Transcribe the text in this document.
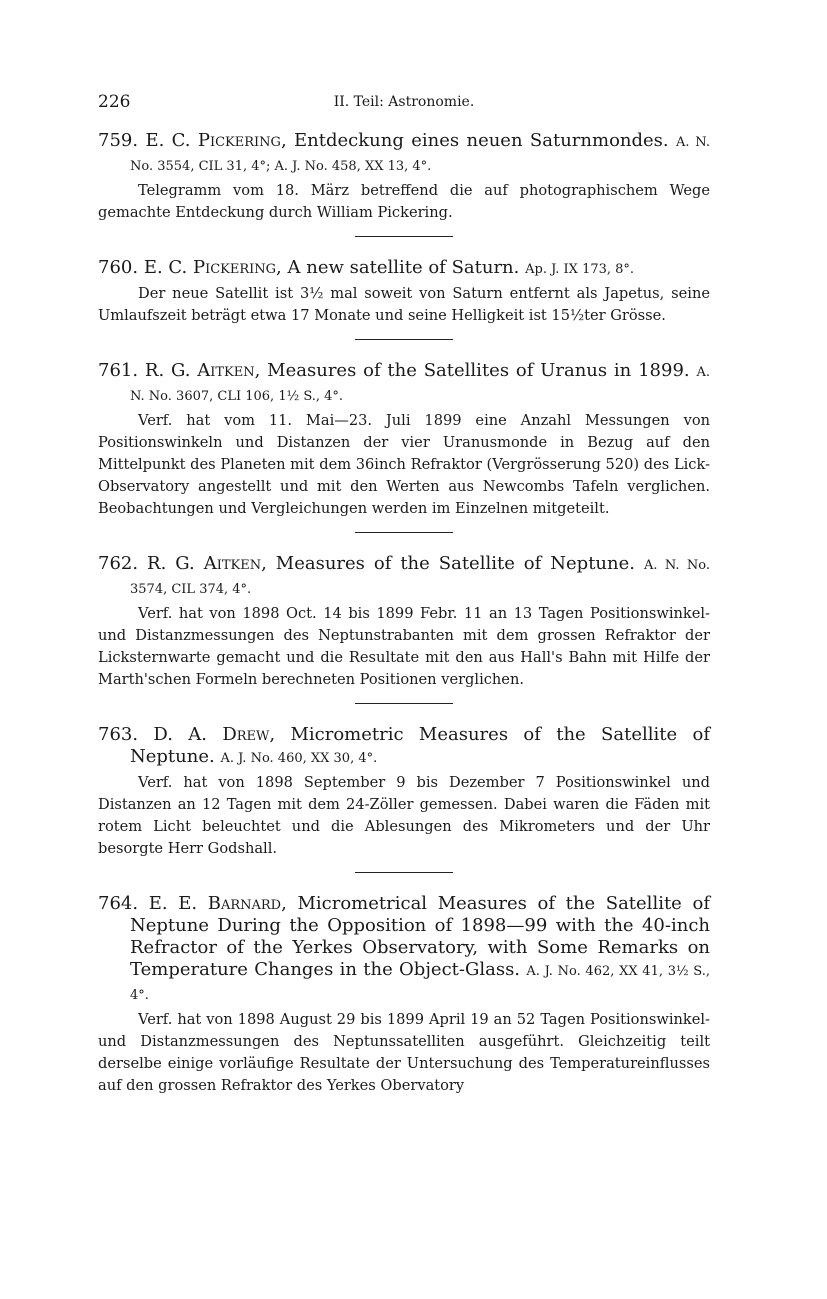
226	II. Teil: Astronomie.
759. E. C. Pickering, Entdeckung eines neuen Saturnmondes. A. N. No. 3554, CIL 31, 4°; A. J. No. 458, XX 13, 4°.
Telegramm vom 18. März betreffend die auf photographischem Wege gemachte Entdeckung durch William Pickering.
760. E. C. Pickering, A new satellite of Saturn. Ap. J. IX 173, 8°.
Der neue Satellit ist 3½ mal soweit von Saturn entfernt als Japetus, seine Umlaufszeit beträgt etwa 17 Monate und seine Helligkeit ist 15½ter Grösse.
761. R. G. Aitken, Measures of the Satellites of Uranus in 1899. A. N. No. 3607, CLI 106, 1½ S., 4°.
Verf. hat vom 11. Mai—23. Juli 1899 eine Anzahl Messungen von Positionswinkeln und Distanzen der vier Uranusmonde in Bezug auf den Mittelpunkt des Planeten mit dem 36inch Refraktor (Vergrösserung 520) des Lick-Observatory angestellt und mit den Werten aus Newcombs Tafeln verglichen. Beobachtungen und Vergleichungen werden im Einzelnen mitgeteilt.
762. R. G. Aitken, Measures of the Satellite of Neptune. A. N. No. 3574, CIL 374, 4°.
Verf. hat von 1898 Oct. 14 bis 1899 Febr. 11 an 13 Tagen Positionswinkel- und Distanzmessungen des Neptunstrabanten mit dem grossen Refraktor der Licksternwarte gemacht und die Resultate mit den aus Hall's Bahn mit Hilfe der Marth'schen Formeln berechneten Positionen verglichen.
763. D. A. Drew, Micrometric Measures of the Satellite of Neptune. A. J. No. 460, XX 30, 4°.
Verf. hat von 1898 September 9 bis Dezember 7 Positionswinkel und Distanzen an 12 Tagen mit dem 24-Zöller gemessen. Dabei waren die Fäden mit rotem Licht beleuchtet und die Ablesungen des Mikrometers und der Uhr besorgte Herr Godshall.
764. E. E. Barnard, Micrometrical Measures of the Satellite of Neptune During the Opposition of 1898—99 with the 40-inch Refractor of the Yerkes Observatory, with Some Remarks on Temperature Changes in the Object-Glass. A. J. No. 462, XX 41, 3½ S., 4°.
Verf. hat von 1898 August 29 bis 1899 April 19 an 52 Tagen Positionswinkel- und Distanzmessungen des Neptunssatelliten ausgeführt. Gleichzeitig teilt derselbe einige vorläufige Resultate der Untersuchung des Temperatureinflusses auf den grossen Refraktor des Yerkes Obervatory
